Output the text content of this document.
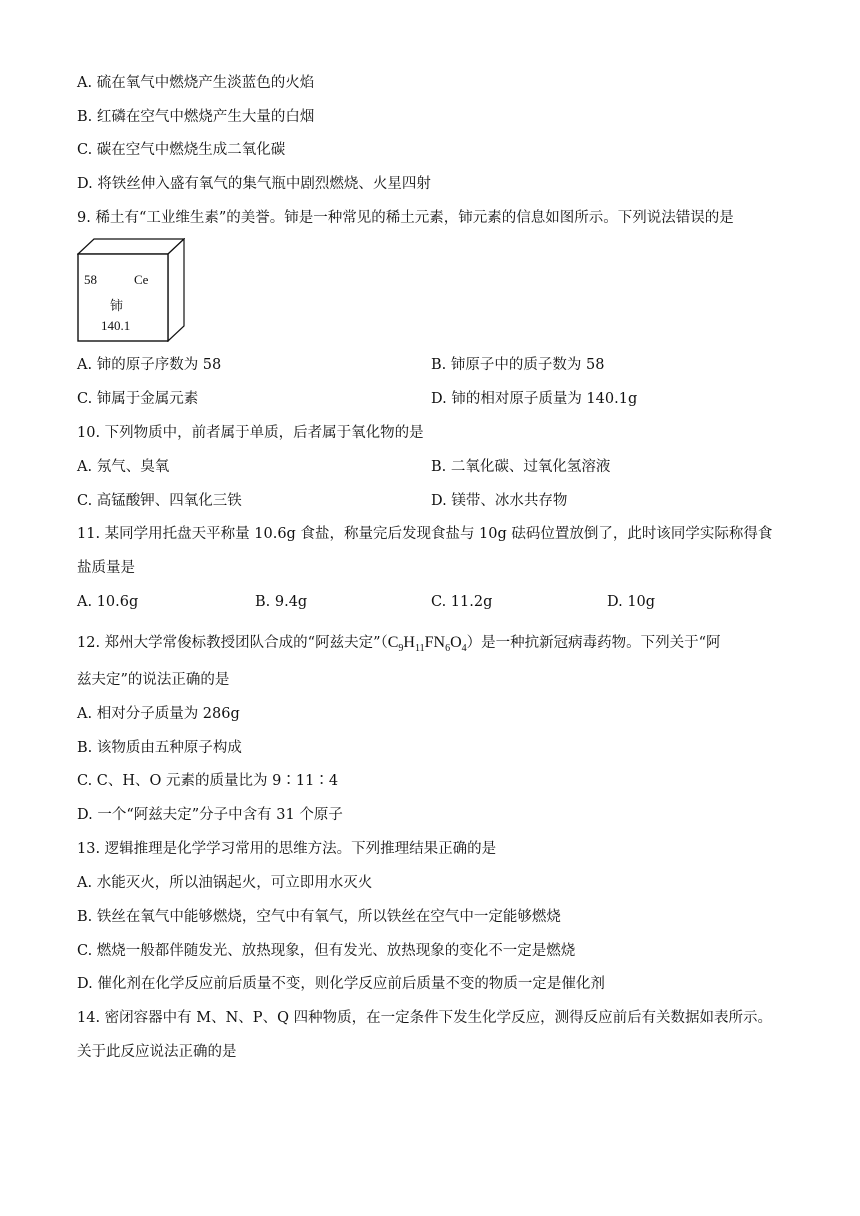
A. 硫在氧气中燃烧产生淡蓝色的火焰
B. 红磷在空气中燃烧产生大量的白烟
C. 碳在空气中燃烧生成二氧化碳
D. 将铁丝伸入盛有氧气的集气瓶中剧烈燃烧、火星四射
9. 稀土有“工业维生素”的美誉。铈是一种常见的稀土元素，铈元素的信息如图所示。下列说法错误的是
58	Ce
铈
140.1
A. 铈的原子序数为 58	B. 铈原子中的质子数为 58
C. 铈属于金属元素	D. 铈的相对原子质量为 140.1g
10. 下列物质中，前者属于单质，后者属于氧化物的是
A. 氖气、臭氧	B. 二氧化碳、过氧化氢溶液
C. 高锰酸钾、四氧化三铁	D. 镁带、冰水共存物
11. 某同学用托盘天平称量 10.6g 食盐，称量完后发现食盐与 10g 砝码位置放倒了，此时该同学实际称得食
盐质量是
A. 10.6g	B. 9.4g	C. 11.2g	D. 10g
12. 郑州大学常俊标教授团队合成的“阿兹夫定$”(C_9H_{11}FN_6O_4)$是一种抗新冠病毒药物。下列关于“阿
兹夫定”的说法正确的是
A. 相对分子质量为 286g
B. 该物质由五种原子构成
C. C、H、O 元素的质量比为 9∶11∶4
D. 一个“阿兹夫定”分子中含有 31 个原子
13. 逻辑推理是化学学习常用的思维方法。下列推理结果正确的是
A. 水能灭火，所以油锅起火，可立即用水灭火
B. 铁丝在氧气中能够燃烧，空气中有氧气，所以铁丝在空气中一定能够燃烧
C. 燃烧一般都伴随发光、放热现象，但有发光、放热现象的变化不一定是燃烧
D. 催化剂在化学反应前后质量不变，则化学反应前后质量不变的物质一定是催化剂
14. 密闭容器中有 M、N、P、Q 四种物质，在一定条件下发生化学反应，测得反应前后有关数据如表所示。
关于此反应说法正确的是
